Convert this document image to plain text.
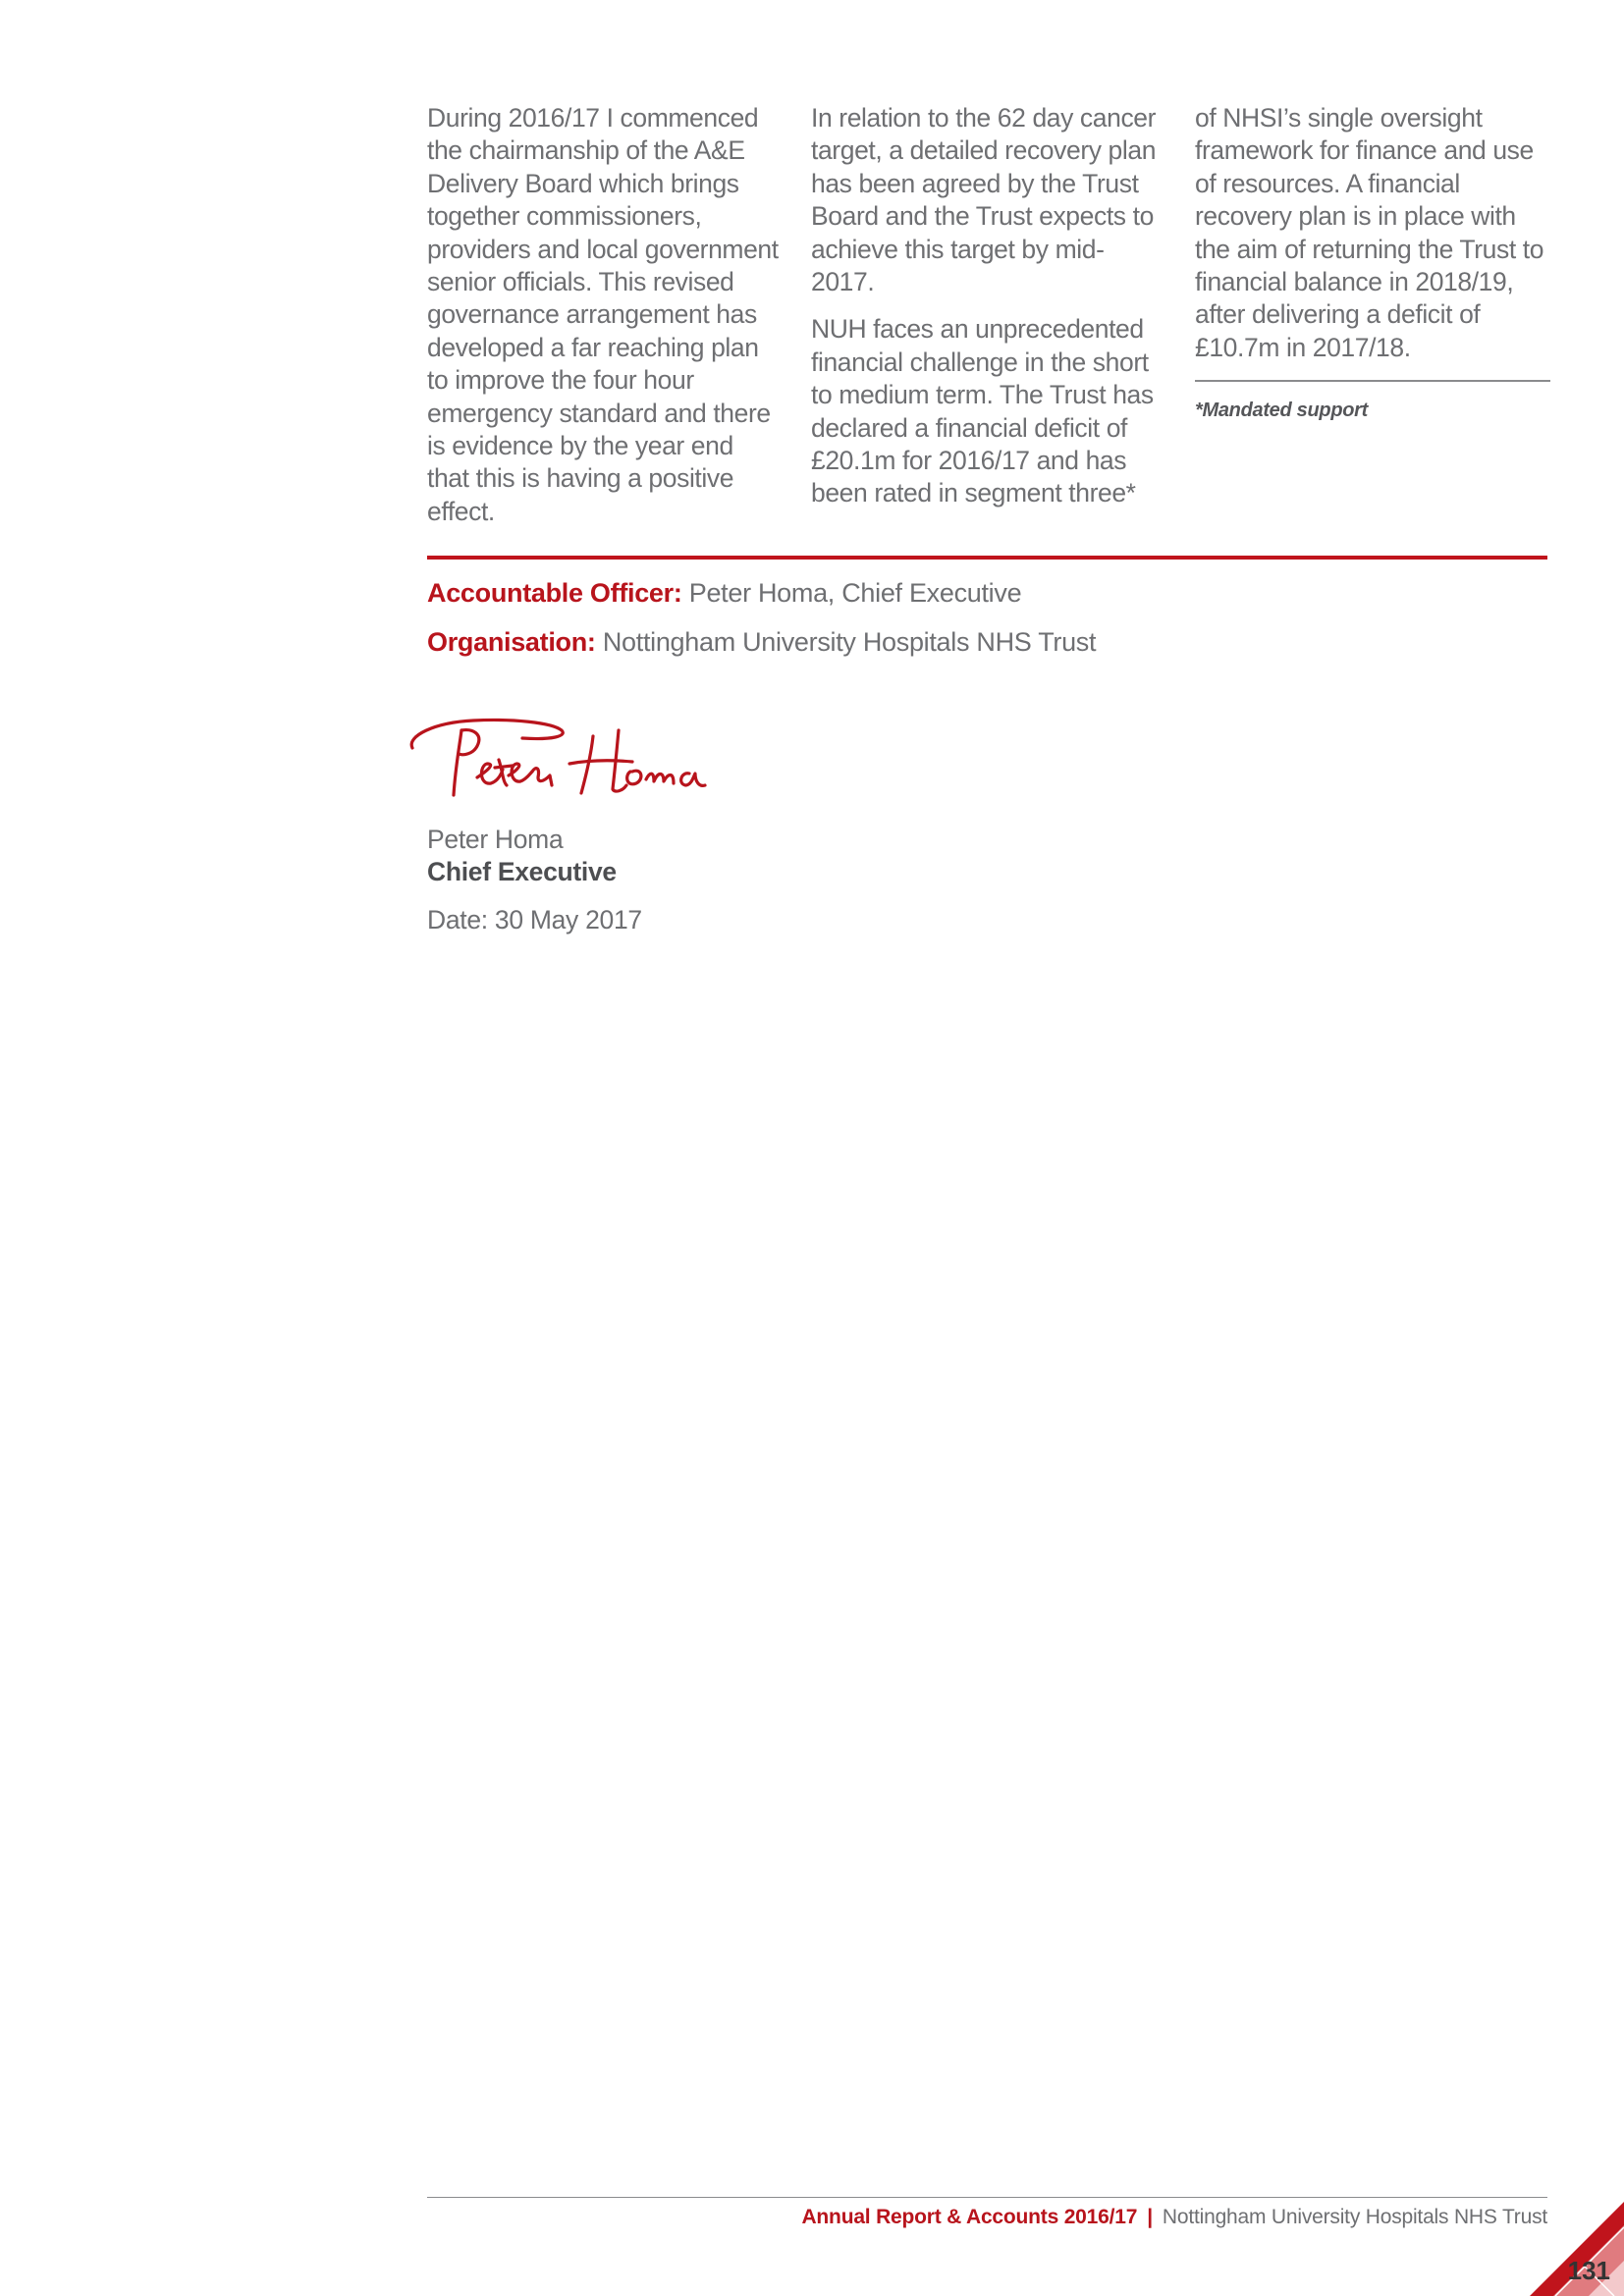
During 2016/17 I commenced the chairmanship of the A&E Delivery Board which brings together commissioners, providers and local government senior officials. This revised governance arrangement has developed a far reaching plan to improve the four hour emergency standard and there is evidence by the year end that this is having a positive effect.

In relation to the 62 day cancer target, a detailed recovery plan has been agreed by the Trust Board and the Trust expects to achieve this target by mid-2017.

NUH faces an unprecedented financial challenge in the short to medium term. The Trust has declared a financial deficit of £20.1m for 2016/17 and has been rated in segment three*

of NHSI’s single oversight framework for finance and use of resources. A financial recovery plan is in place with the aim of returning the Trust to financial balance in 2018/19, after delivering a deficit of £10.7m in 2017/18.

*Mandated support
Accountable Officer: Peter Homa, Chief Executive
Organisation: Nottingham University Hospitals NHS Trust
Peter Homa
Chief Executive
Date: 30 May 2017
Annual Report & Accounts 2016/17 | Nottingham University Hospitals NHS Trust
131
